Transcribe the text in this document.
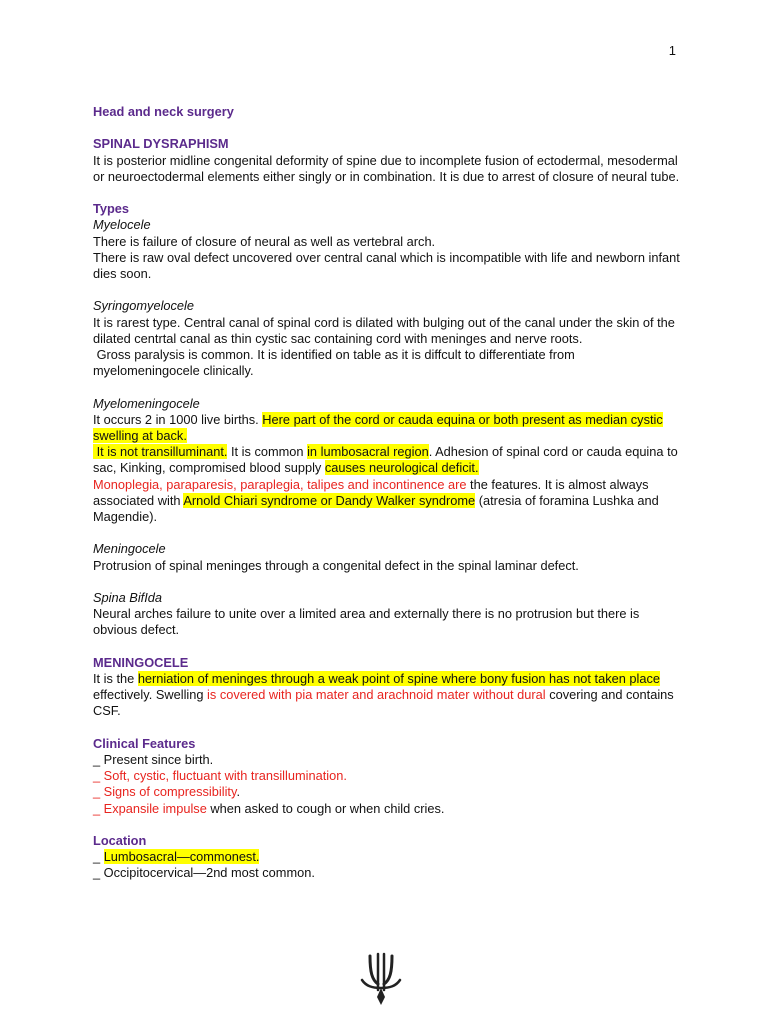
1
Head and neck surgery
SPINAL DYSRAPHISM

It is posterior midline congenital deformity of spine due to incomplete fusion of ectodermal, mesodermal or neuroectodermal elements either singly or in combination. It is due to arrest of closure of neural tube.

Types

Myelocele

There is failure of closure of neural as well as vertebral arch.

There is raw oval defect uncovered over central canal which is incompatible with life and newborn infant dies soon.

Syringomyelocele

It is rarest type. Central canal of spinal cord is dilated with bulging out of the canal under the skin of the dilated centrtal canal as thin cystic sac containing cord with meninges and nerve roots.

Gross paralysis is common. It is identified on table as it is diffcult to differentiate from myelomeningocele clinically.

Myelomeningocele

It occurs 2 in 1000 live births. Here part of the cord or cauda equina or both present as median cystic swelling at back.

It is not transilluminant. It is common in lumbosacral region. Adhesion of spinal cord or cauda equina to sac, Kinking, compromised blood supply causes neurological deficit.

Monoplegia, paraparesis, paraplegia, talipes and incontinence are the features. It is almost always associated with Arnold Chiari syndrome or Dandy Walker syndrome (atresia of foramina Lushka and Magendie).

Meningocele

Protrusion of spinal meninges through a congenital defect in the spinal laminar defect.

Spina BifIda

Neural arches failure to unite over a limited area and externally there is no protrusion but there is obvious defect.

MENINGOCELE

It is the herniation of meninges through a weak point of spine where bony fusion has not taken place effectively. Swelling is covered with pia mater and arachnoid mater without dural covering and contains CSF.

Clinical Features

_ Present since birth.

_ Soft, cystic, fluctuant with transillumination.

_ Signs of compressibility.

_ Expansile impulse when asked to cough or when child cries.

Location

_ Lumbosacral—commonest.

_ Occipitocervical—2nd most common.
